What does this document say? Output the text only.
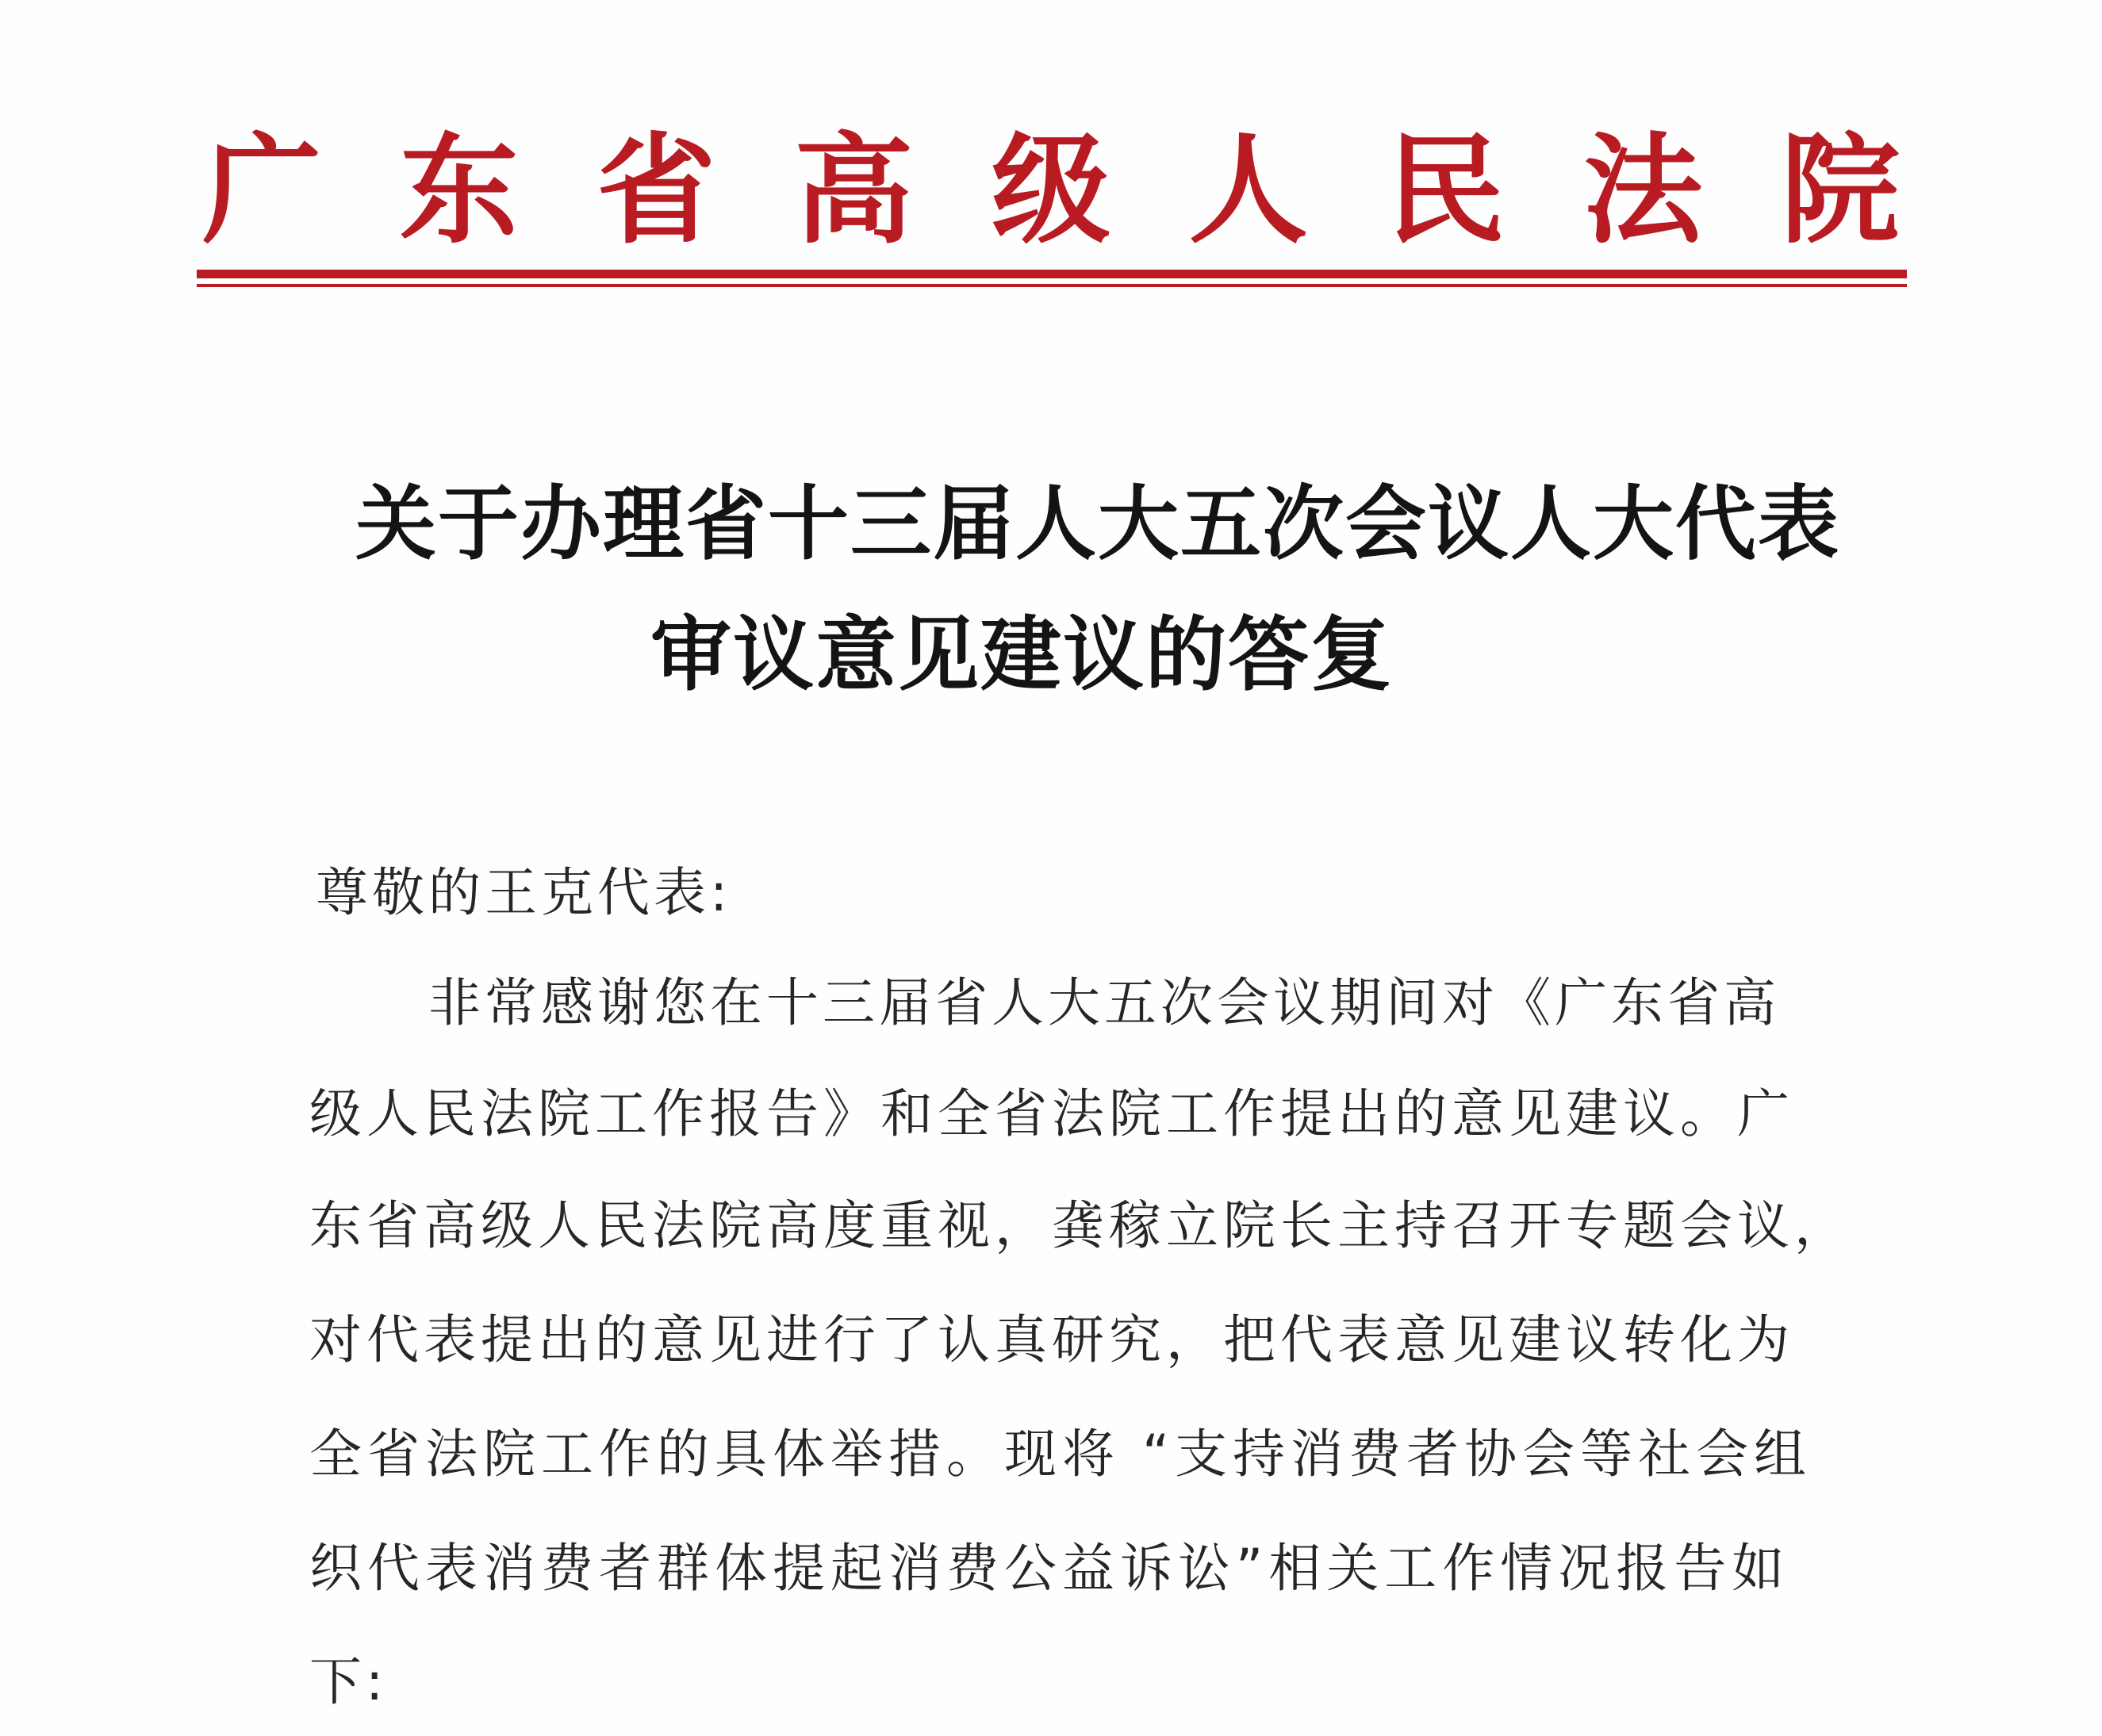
广 东 省 高 级 人 民 法 院
关于办理省十三届人大五次会议人大代表
审议意见建议的答复
尊敬的王克代表:
非常感谢您在十三届省人大五次会议期间对《广东省高
级人民法院工作报告》和全省法院工作提出的意见建议。广
东省高级人民法院高度重视，龚稼立院长主持召开专题会议，
对代表提出的意见进行了认真研究，把代表意见建议转化为
全省法院工作的具体举措。现将 “支持消费者协会等社会组
织代表消费者群体提起消费公益诉讼”相关工作情况报告如
下:
